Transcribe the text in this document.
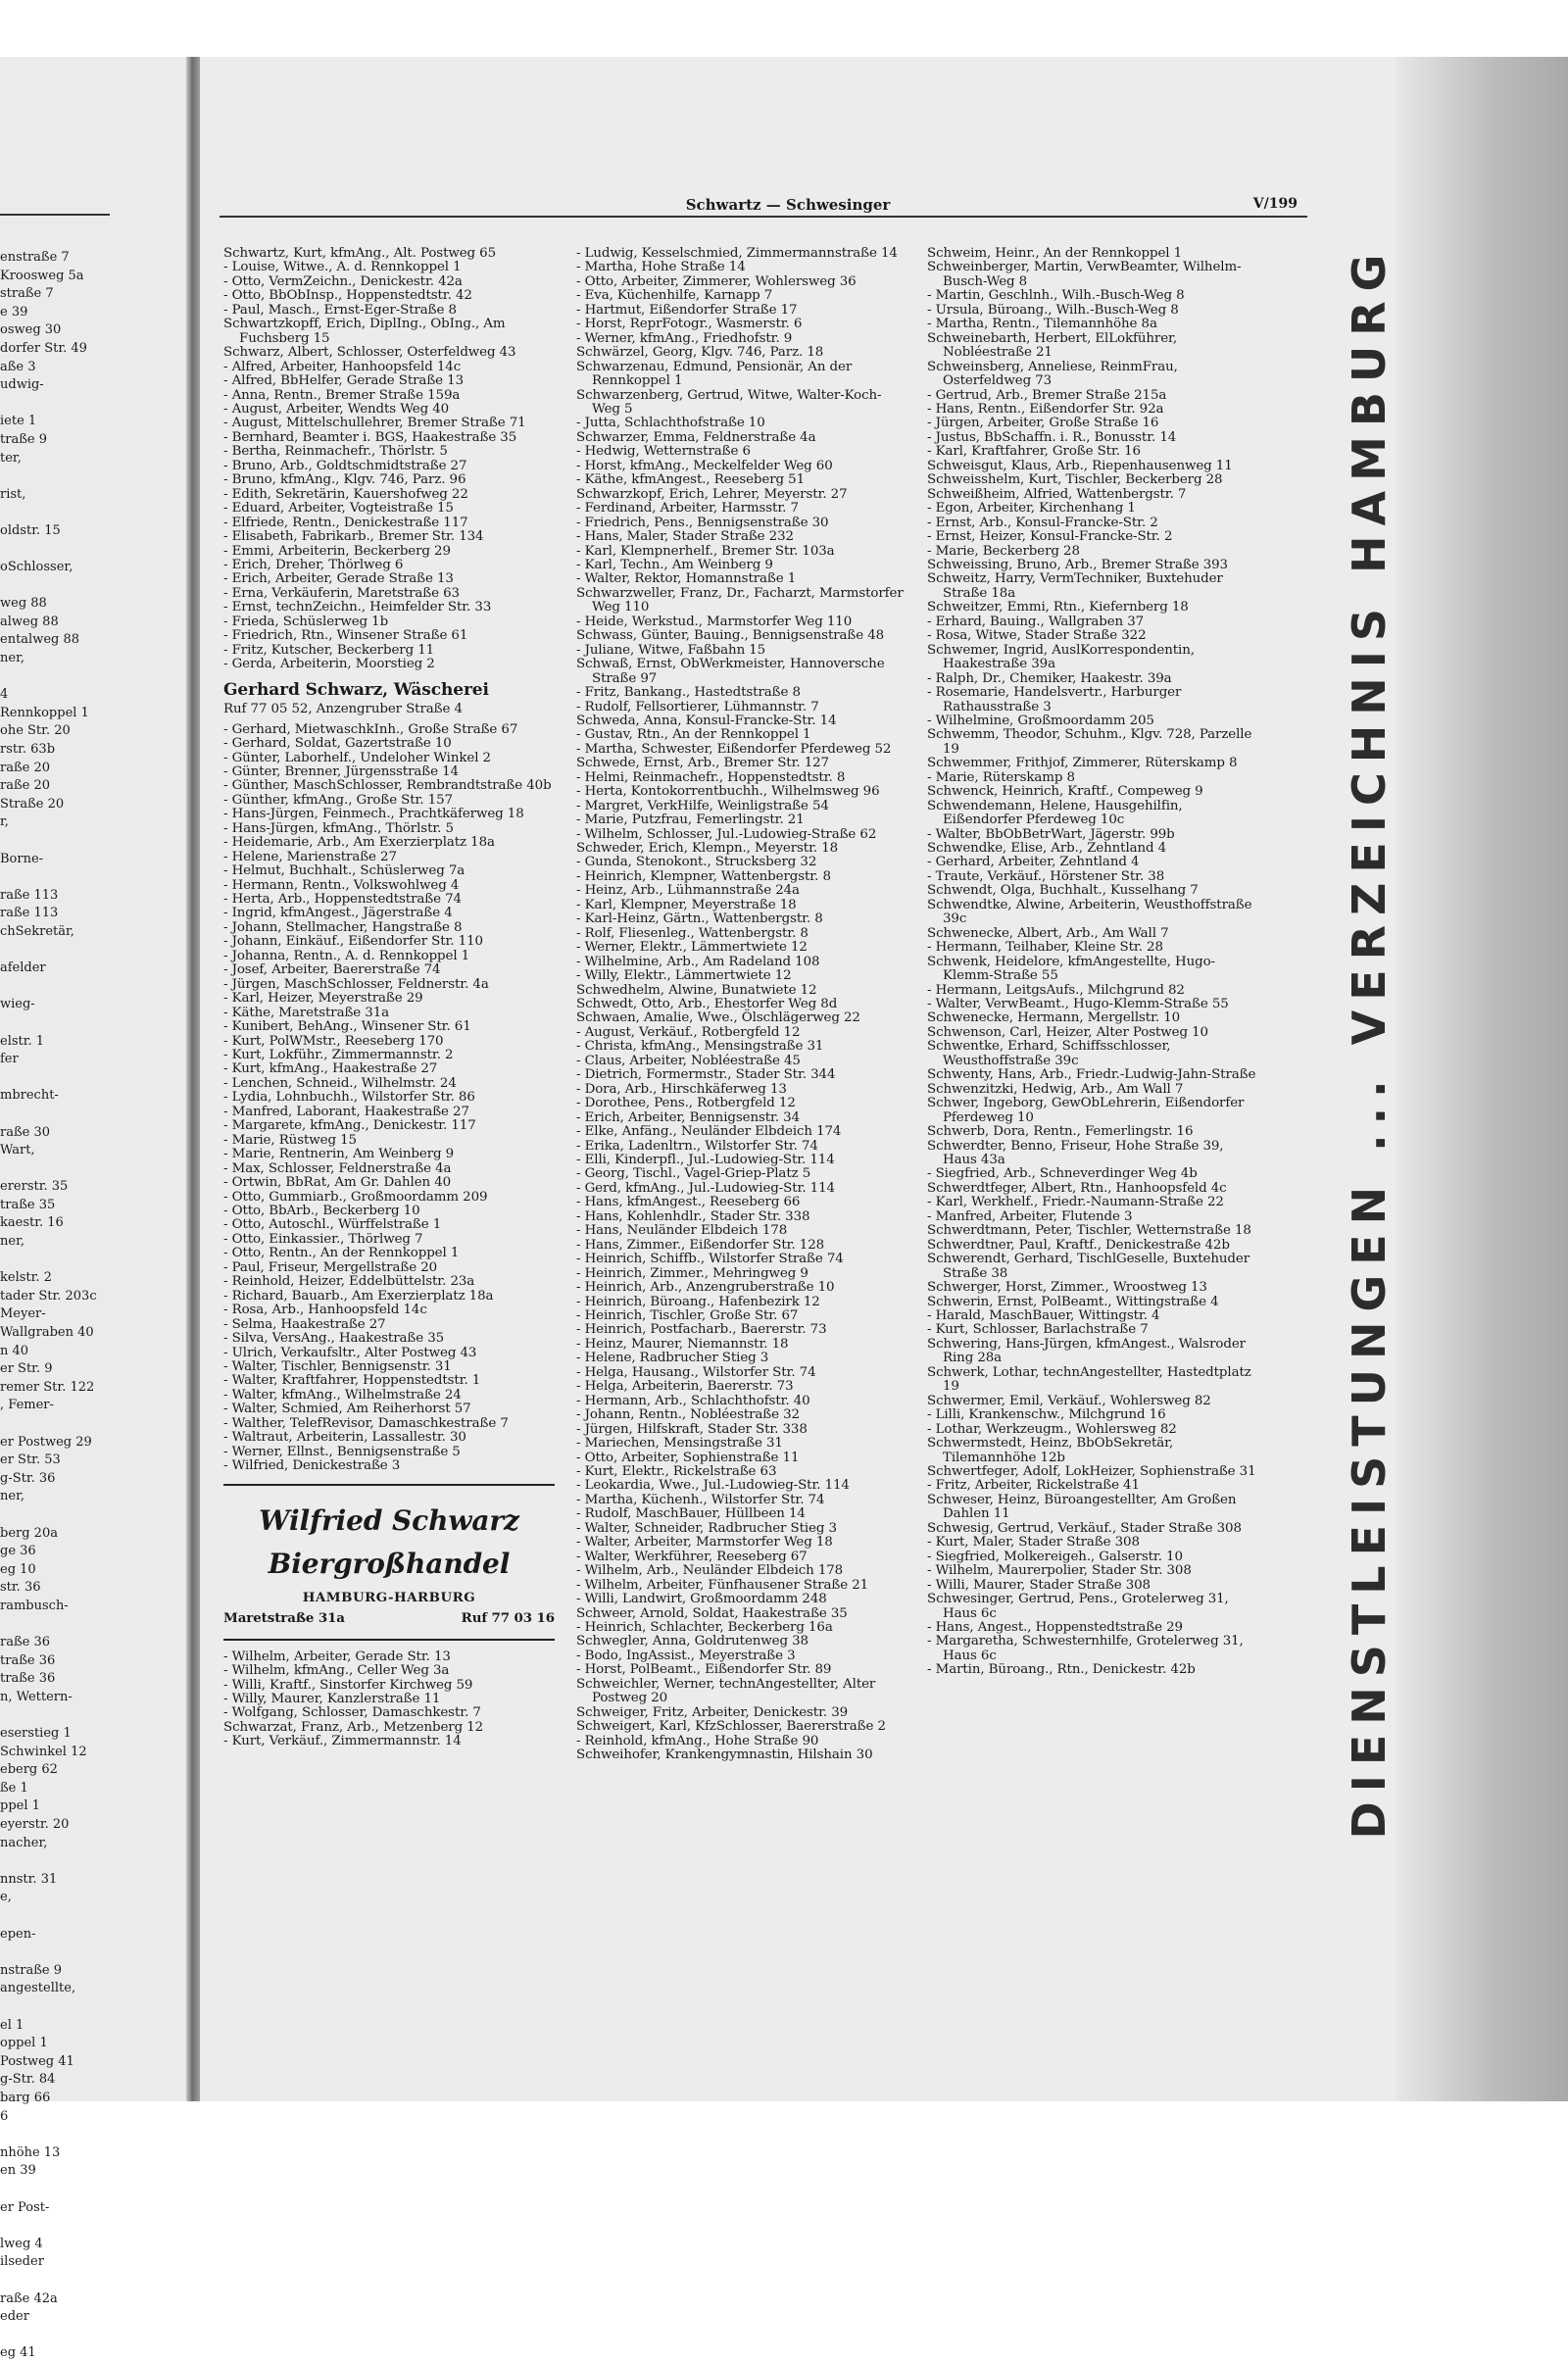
enstraße 7
Kroosweg 5a
straße 7
e 39
osweg 30
dorfer Str. 49
aße 3
udwig-
iete 1
traße 9
ter,
rist,
oldstr. 15
oSchlosser,
weg 88
alweg 88
entalweg 88
ner,
4
Rennkoppel 1
ohe Str. 20
rstr. 63b
raße 20
raße 20
Straße 20
r,
Borne-
raße 113
raße 113
chSekretär,
afelder
wieg-
elstr. 1
fer
mbrecht-
raße 30
Wart,
ererstr. 35
traße 35
kaestr. 16
ner,
kelstr. 2
tader Str. 203c
Meyer-
Wallgraben 40
n 40
er Str. 9
remer Str. 122
, Femer-
er Postweg 29
er Str. 53
g-Str. 36
ner,
berg 20a
ge 36
eg 10
str. 36
rambusch-
raße 36
traße 36
traße 36
n, Wettern-
eserstieg 1
Schwinkel 12
eberg 62
ße 1
ppel 1
eyerstr. 20
nacher,
nnstr. 31
e,
epen-
nstraße 9
angestellte,
el 1
oppel 1
Postweg 41
g-Str. 84
barg 66
6
nhöhe 13
en 39
er Post-
lweg 4
ilseder
raße 42a
eder
eg 41
Schwartz — Schwesinger	V/199
Schwartz, Kurt, kfmAng., Alt. Postweg 65
- Louise, Witwe., A. d. Rennkoppel 1
- Otto, VermZeichn., Denickestr. 42a
- Otto, BbObInsp., Hoppenstedtstr. 42
- Paul, Masch., Ernst-Eger-Straße 8
Schwartzkopff, Erich, DiplIng., ObIng., Am Fuchsberg 15
Schwarz, Albert, Schlosser, Osterfeldweg 43
- Alfred, Arbeiter, Hanhoopsfeld 14c
- Alfred, BbHelfer, Gerade Straße 13
- Anna, Rentn., Bremer Straße 159a
- August, Arbeiter, Wendts Weg 40
- August, Mittelschullehrer, Bremer Straße 71
- Bernhard, Beamter i. BGS, Haakestraße 35
- Bertha, Reinmachefr., Thörlstr. 5
- Bruno, Arb., Goldtschmidtstraße 27
- Bruno, kfmAng., Klgv. 746, Parz. 96
- Edith, Sekretärin, Kauershofweg 22
- Eduard, Arbeiter, Vogteistraße 15
- Elfriede, Rentn., Denickestraße 117
- Elisabeth, Fabrikarb., Bremer Str. 134
- Emmi, Arbeiterin, Beckerberg 29
- Erich, Dreher, Thörlweg 6
- Erich, Arbeiter, Gerade Straße 13
- Erna, Verkäuferin, Maretstraße 63
- Ernst, technZeichn., Heimfelder Str. 33
- Frieda, Schüslerweg 1b
- Friedrich, Rtn., Winsener Straße 61
- Fritz, Kutscher, Beckerberg 11
- Gerda, Arbeiterin, Moorstieg 2
Gerhard Schwarz, Wäscherei
Ruf 77 05 52, Anzengruber Straße 4
- Gerhard, MietwaschkInh., Große Straße 67
- Gerhard, Soldat, Gazertstraße 10
- Günter, Laborhelf., Undeloher Winkel 2
- Günter, Brenner, Jürgensstraße 14
- Günther, MaschSchlosser, Rembrandtstraße 40b
- Günther, kfmAng., Große Str. 157
- Hans-Jürgen, Feinmech., Prachtkäferweg 18
- Hans-Jürgen, kfmAng., Thörlstr. 5
- Heidemarie, Arb., Am Exerzierplatz 18a
- Helene, Marienstraße 27
- Helmut, Buchhalt., Schüslerweg 7a
- Hermann, Rentn., Volkswohlweg 4
- Herta, Arb., Hoppenstedtstraße 74
- Ingrid, kfmAngest., Jägerstraße 4
- Johann, Stellmacher, Hangstraße 8
- Johann, Einkäuf., Eißendorfer Str. 110
- Johanna, Rentn., A. d. Rennkoppel 1
- Josef, Arbeiter, Baererstraße 74
- Jürgen, MaschSchlosser, Feldnerstr. 4a
- Karl, Heizer, Meyerstraße 29
- Käthe, Maretstraße 31a
- Kunibert, BehAng., Winsener Str. 61
- Kurt, PolWMstr., Reeseberg 170
- Kurt, Lokführ., Zimmermannstr. 2
- Kurt, kfmAng., Haakestraße 27
- Lenchen, Schneid., Wilhelmstr. 24
- Lydia, Lohnbuchh., Wilstorfer Str. 86
- Manfred, Laborant, Haakestraße 27
- Margarete, kfmAng., Denickestr. 117
- Marie, Rüstweg 15
- Marie, Rentnerin, Am Weinberg 9
- Max, Schlosser, Feldnerstraße 4a
- Ortwin, BbRat, Am Gr. Dahlen 40
- Otto, Gummiarb., Großmoordamm 209
- Otto, BbArb., Beckerberg 10
- Otto, Autoschl., Würffelstraße 1
- Otto, Einkassier., Thörlweg 7
- Otto, Rentn., An der Rennkoppel 1
- Paul, Friseur, Mergellstraße 20
- Reinhold, Heizer, Eddelbüttelstr. 23a
- Richard, Bauarb., Am Exerzierplatz 18a
- Rosa, Arb., Hanhoopsfeld 14c
- Selma, Haakestraße 27
- Silva, VersAng., Haakestraße 35
- Ulrich, Verkaufsltr., Alter Postweg 43
- Walter, Tischler, Bennigsenstr. 31
- Walter, Kraftfahrer, Hoppenstedtstr. 1
- Walter, kfmAng., Wilhelmstraße 24
- Walter, Schmied, Am Reiherhorst 57
- Walther, TelefRevisor, Damaschkestraße 7
- Waltraut, Arbeiterin, Lassallestr. 30
- Werner, Ellnst., Bennigsenstraße 5
- Wilfried, Denickestraße 3
Wilfried Schwarz
Biergroßhandel
HAMBURG-HARBURG
Maretstraße 31a	Ruf 77 03 16
- Wilhelm, Arbeiter, Gerade Str. 13
- Wilhelm, kfmAng., Celler Weg 3a
- Willi, Kraftf., Sinstorfer Kirchweg 59
- Willy, Maurer, Kanzlerstraße 11
- Wolfgang, Schlosser, Damaschkestr. 7
Schwarzat, Franz, Arb., Metzenberg 12
- Kurt, Verkäuf., Zimmermannstr. 14
- Ludwig, Kesselschmied, Zimmermannstraße 14
- Martha, Hohe Straße 14
- Otto, Arbeiter, Zimmerer, Wohlersweg 36
- Eva, Küchenhilfe, Karnapp 7
- Hartmut, Eißendorfer Straße 17
- Horst, ReprFotogr., Wasmerstr. 6
- Werner, kfmAng., Friedhofstr. 9
Schwärzel, Georg, Klgv. 746, Parz. 18
Schwarzenau, Edmund, Pensionär, An der Rennkoppel 1
Schwarzenberg, Gertrud, Witwe, Walter-Koch-Weg 5
- Jutta, Schlachthofstraße 10
Schwarzer, Emma, Feldnerstraße 4a
- Hedwig, Wetternstraße 6
- Horst, kfmAng., Meckelfelder Weg 60
- Käthe, kfmAngest., Reeseberg 51
Schwarzkopf, Erich, Lehrer, Meyerstr. 27
- Ferdinand, Arbeiter, Harmsstr. 7
- Friedrich, Pens., Bennigsenstraße 30
- Hans, Maler, Stader Straße 232
- Karl, Klempnerhelf., Bremer Str. 103a
- Karl, Techn., Am Weinberg 9
- Walter, Rektor, Homannstraße 1
Schwarzweller, Franz, Dr., Facharzt, Marmstorfer Weg 110
- Heide, Werkstud., Marmstorfer Weg 110
Schwass, Günter, Bauing., Bennigsenstraße 48
- Juliane, Witwe, Faßbahn 15
Schwaß, Ernst, ObWerkmeister, Hannoversche Straße 97
- Fritz, Bankang., Hastedtstraße 8
- Rudolf, Fellsortierer, Lühmannstr. 7
Schweda, Anna, Konsul-Francke-Str. 14
- Gustav, Rtn., An der Rennkoppel 1
- Martha, Schwester, Eißendorfer Pferdeweg 52
Schwede, Ernst, Arb., Bremer Str. 127
- Helmi, Reinmachefr., Hoppenstedtstr. 8
- Herta, Kontokorrentbuchh., Wilhelmsweg 96
- Margret, VerkHilfe, Weinligstraße 54
- Marie, Putzfrau, Femerlingstr. 21
- Wilhelm, Schlosser, Jul.-Ludowieg-Straße 62
Schweder, Erich, Klempn., Meyerstr. 18
- Gunda, Stenokont., Strucksberg 32
- Heinrich, Klempner, Wattenbergstr. 8
- Heinz, Arb., Lühmannstraße 24a
- Karl, Klempner, Meyerstraße 18
- Karl-Heinz, Gärtn., Wattenbergstr. 8
- Rolf, Fliesenleg., Wattenbergstr. 8
- Werner, Elektr., Lämmertwiete 12
- Wilhelmine, Arb., Am Radeland 108
- Willy, Elektr., Lämmertwiete 12
Schwedhelm, Alwine, Bunatwiete 12
Schwedt, Otto, Arb., Ehestorfer Weg 8d
Schwaen, Amalie, Wwe., Ölschlägerweg 22
- August, Verkäuf., Rotbergfeld 12
- Christa, kfmAng., Mensingstraße 31
- Claus, Arbeiter, Nobléestraße 45
- Dietrich, Formermstr., Stader Str. 344
- Dora, Arb., Hirschkäferweg 13
- Dorothee, Pens., Rotbergfeld 12
- Erich, Arbeiter, Bennigsenstr. 34
- Elke, Anfäng., Neuländer Elbdeich 174
- Erika, Ladenltrn., Wilstorfer Str. 74
- Elli, Kinderpfl., Jul.-Ludowieg-Str. 114
- Georg, Tischl., Vagel-Griep-Platz 5
- Gerd, kfmAng., Jul.-Ludowieg-Str. 114
- Hans, kfmAngest., Reeseberg 66
- Hans, Kohlenhdlr., Stader Str. 338
- Hans, Neuländer Elbdeich 178
- Hans, Zimmer., Eißendorfer Str. 128
- Heinrich, Schiffb., Wilstorfer Straße 74
- Heinrich, Zimmer., Mehringweg 9
- Heinrich, Arb., Anzengruberstraße 10
- Heinrich, Büroang., Hafenbezirk 12
- Heinrich, Tischler, Große Str. 67
- Heinrich, Postfacharb., Baererstr. 73
- Heinz, Maurer, Niemannstr. 18
- Helene, Radbrucher Stieg 3
- Helga, Hausang., Wilstorfer Str. 74
- Helga, Arbeiterin, Baererstr. 73
- Hermann, Arb., Schlachthofstr. 40
- Johann, Rentn., Nobléestraße 32
- Jürgen, Hilfskraft, Stader Str. 338
- Mariechen, Mensingstraße 31
- Otto, Arbeiter, Sophienstraße 11
- Kurt, Elektr., Rickelstraße 63
- Leokardia, Wwe., Jul.-Ludowieg-Str. 114
- Martha, Küchenh., Wilstorfer Str. 74
- Rudolf, MaschBauer, Hüllbeen 14
- Walter, Schneider, Radbrucher Stieg 3
- Walter, Arbeiter, Marmstorfer Weg 18
- Walter, Werkführer, Reeseberg 67
- Wilhelm, Arb., Neuländer Elbdeich 178
- Wilhelm, Arbeiter, Fünfhausener Straße 21
- Willi, Landwirt, Großmoordamm 248
Schweer, Arnold, Soldat, Haakestraße 35
- Heinrich, Schlachter, Beckerberg 16a
Schwegler, Anna, Goldrutenweg 38
- Bodo, IngAssist., Meyerstraße 3
- Horst, PolBeamt., Eißendorfer Str. 89
Schweichler, Werner, technAngestellter, Alter Postweg 20
Schweiger, Fritz, Arbeiter, Denickestr. 39
Schweigert, Karl, KfzSchlosser, Baererstraße 2
- Reinhold, kfmAng., Hohe Straße 90
Schweihofer, Krankengymnastin, Hilshain 30
Schweim, Heinr., An der Rennkoppel 1
Schweinberger, Martin, VerwBeamter, Wilhelm-Busch-Weg 8
- Martin, Geschlnh., Wilh.-Busch-Weg 8
- Ursula, Büroang., Wilh.-Busch-Weg 8
- Martha, Rentn., Tilemannhöhe 8a
Schweinebarth, Herbert, ElLokführer, Nobléestraße 21
Schweinsberg, Anneliese, ReinmFrau, Osterfeldweg 73
- Gertrud, Arb., Bremer Straße 215a
- Hans, Rentn., Eißendorfer Str. 92a
- Jürgen, Arbeiter, Große Straße 16
- Justus, BbSchaffn. i. R., Bonusstr. 14
- Karl, Kraftfahrer, Große Str. 16
Schweisgut, Klaus, Arb., Riepenhausenweg 11
Schweisshelm, Kurt, Tischler, Beckerberg 28
Schweißheim, Alfried, Wattenbergstr. 7
- Egon, Arbeiter, Kirchenhang 1
- Ernst, Arb., Konsul-Francke-Str. 2
- Ernst, Heizer, Konsul-Francke-Str. 2
- Marie, Beckerberg 28
Schweissing, Bruno, Arb., Bremer Straße 393
Schweitz, Harry, VermTechniker, Buxtehuder Straße 18a
Schweitzer, Emmi, Rtn., Kiefernberg 18
- Erhard, Bauing., Wallgraben 37
- Rosa, Witwe, Stader Straße 322
Schwemer, Ingrid, AuslKorrespondentin, Haakestraße 39a
- Ralph, Dr., Chemiker, Haakestr. 39a
- Rosemarie, Handelsvertr., Harburger Rathausstraße 3
- Wilhelmine, Großmoordamm 205
Schwemm, Theodor, Schuhm., Klgv. 728, Parzelle 19
Schwemmer, Frithjof, Zimmerer, Rüterskamp 8
- Marie, Rüterskamp 8
Schwenck, Heinrich, Kraftf., Compeweg 9
Schwendemann, Helene, Hausgehilfin, Eißendorfer Pferdeweg 10c
- Walter, BbObBetrWart, Jägerstr. 99b
Schwendke, Elise, Arb., Zehntland 4
- Gerhard, Arbeiter, Zehntland 4
- Traute, Verkäuf., Hörstener Str. 38
Schwendt, Olga, Buchhalt., Kusselhang 7
Schwendtke, Alwine, Arbeiterin, Weusthoffstraße 39c
Schwenecke, Albert, Arb., Am Wall 7
- Hermann, Teilhaber, Kleine Str. 28
Schwenk, Heidelore, kfmAngestellte, Hugo-Klemm-Straße 55
- Hermann, LeitgsAufs., Milchgrund 82
- Walter, VerwBeamt., Hugo-Klemm-Straße 55
Schwenecke, Hermann, Mergellstr. 10
Schwenson, Carl, Heizer, Alter Postweg 10
Schwentke, Erhard, Schiffsschlosser, Weusthoffstraße 39c
Schwenty, Hans, Arb., Friedr.-Ludwig-Jahn-Straße
Schwenzitzki, Hedwig, Arb., Am Wall 7
Schwer, Ingeborg, GewObLehrerin, Eißendorfer Pferdeweg 10
Schwerb, Dora, Rentn., Femerlingstr. 16
Schwerdter, Benno, Friseur, Hohe Straße 39, Haus 43a
- Siegfried, Arb., Schneverdinger Weg 4b
Schwerdtfeger, Albert, Rtn., Hanhoopsfeld 4c
- Karl, Werkhelf., Friedr.-Naumann-Straße 22
- Manfred, Arbeiter, Flutende 3
Schwerdtmann, Peter, Tischler, Wetternstraße 18
Schwerdtner, Paul, Kraftf., Denickestraße 42b
Schwerendt, Gerhard, TischlGeselle, Buxtehuder Straße 38
Schwerger, Horst, Zimmer., Wroostweg 13
Schwerin, Ernst, PolBeamt., Wittingstraße 4
- Harald, MaschBauer, Wittingstr. 4
- Kurt, Schlosser, Barlachstraße 7
Schwering, Hans-Jürgen, kfmAngest., Walsroder Ring 28a
Schwerk, Lothar, technAngestellter, Hastedtplatz 19
Schwermer, Emil, Verkäuf., Wohlersweg 82
- Lilli, Krankenschw., Milchgrund 16
- Lothar, Werkzeugm., Wohlersweg 82
Schwermstedt, Heinz, BbObSekretär, Tilemannhöhe 12b
Schwertfeger, Adolf, LokHeizer, Sophienstraße 31
- Fritz, Arbeiter, Rickelstraße 41
Schweser, Heinz, Büroangestellter, Am Großen Dahlen 11
Schwesig, Gertrud, Verkäuf., Stader Straße 308
- Kurt, Maler, Stader Straße 308
- Siegfried, Molkereigeh., Galserstr. 10
- Wilhelm, Maurerpolier, Stader Str. 308
- Willi, Maurer, Stader Straße 308
Schwesinger, Gertrud, Pens., Grotelerweg 31, Haus 6c
- Hans, Angest., Hoppenstedtstraße 29
- Margaretha, Schwesternhilfe, Grotelerweg 31, Haus 6c
- Martin, Büroang., Rtn., Denickestr. 42b	DIENSTLEISTUNGEN ... VERZEICHNIS HAMBURG
